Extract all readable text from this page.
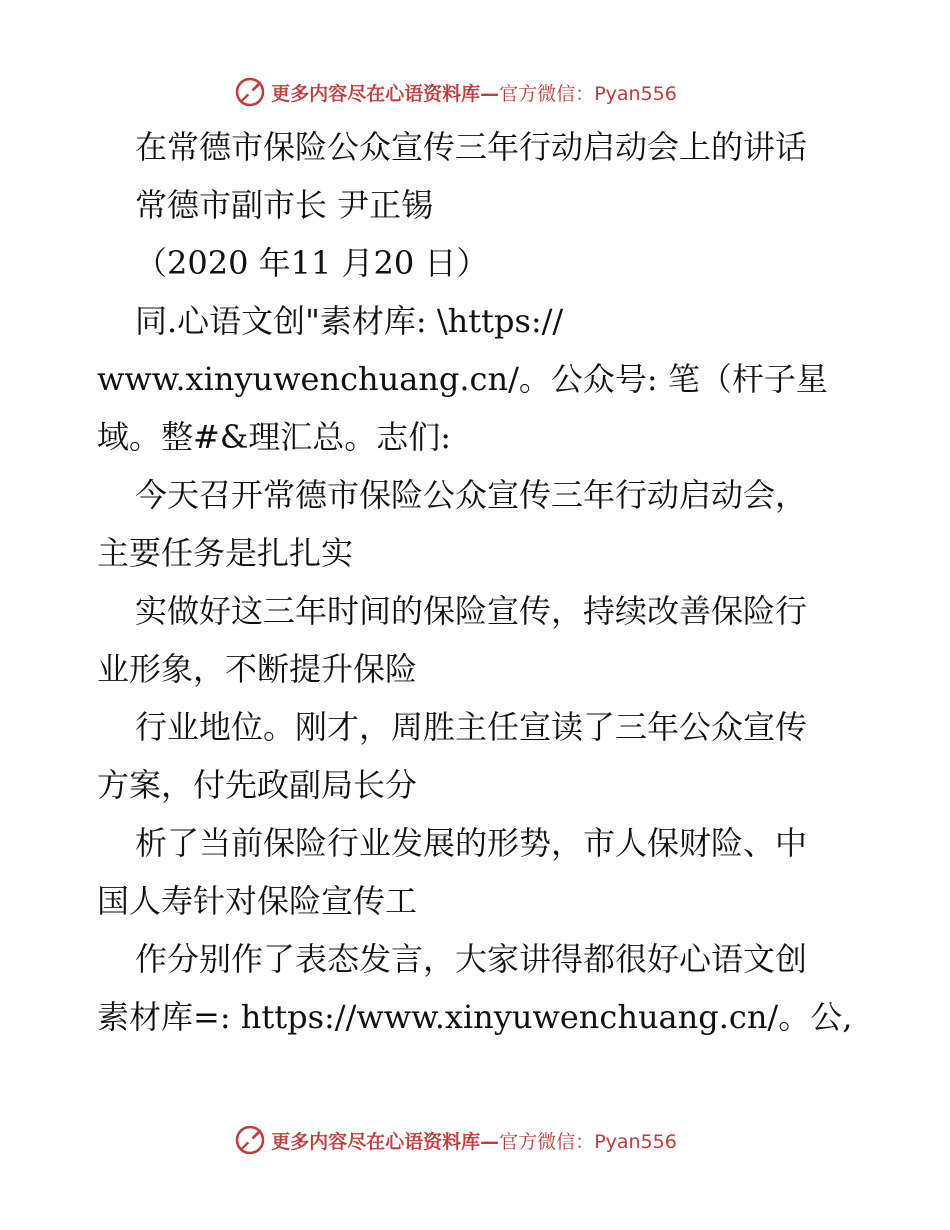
更多内容尽在心语资料库—官方微信：Pyan556
在常德市保险公众宣传三年行动启动会上的讲话
常德市副市长 尹正锡
（2020 年11 月20 日）
同.心语文创"素材库: \https://
www.xinyuwenchuang.cn/。公众号: 笔（杆子星
域。整#&理汇总。志们:
今天召开常德市保险公众宣传三年行动启动会，
主要任务是扎扎实
实做好这三年时间的保险宣传，持续改善保险行
业形象，不断提升保险
行业地位。刚才，周胜主任宣读了三年公众宣传
方案，付先政副局长分
析了当前保险行业发展的形势，市人保财险、中
国人寿针对保险宣传工
作分别作了表态发言，大家讲得都很好心语文创
素材库=: https://www.xinyuwenchuang.cn/。公,
更多内容尽在心语资料库—官方微信：Pyan556
